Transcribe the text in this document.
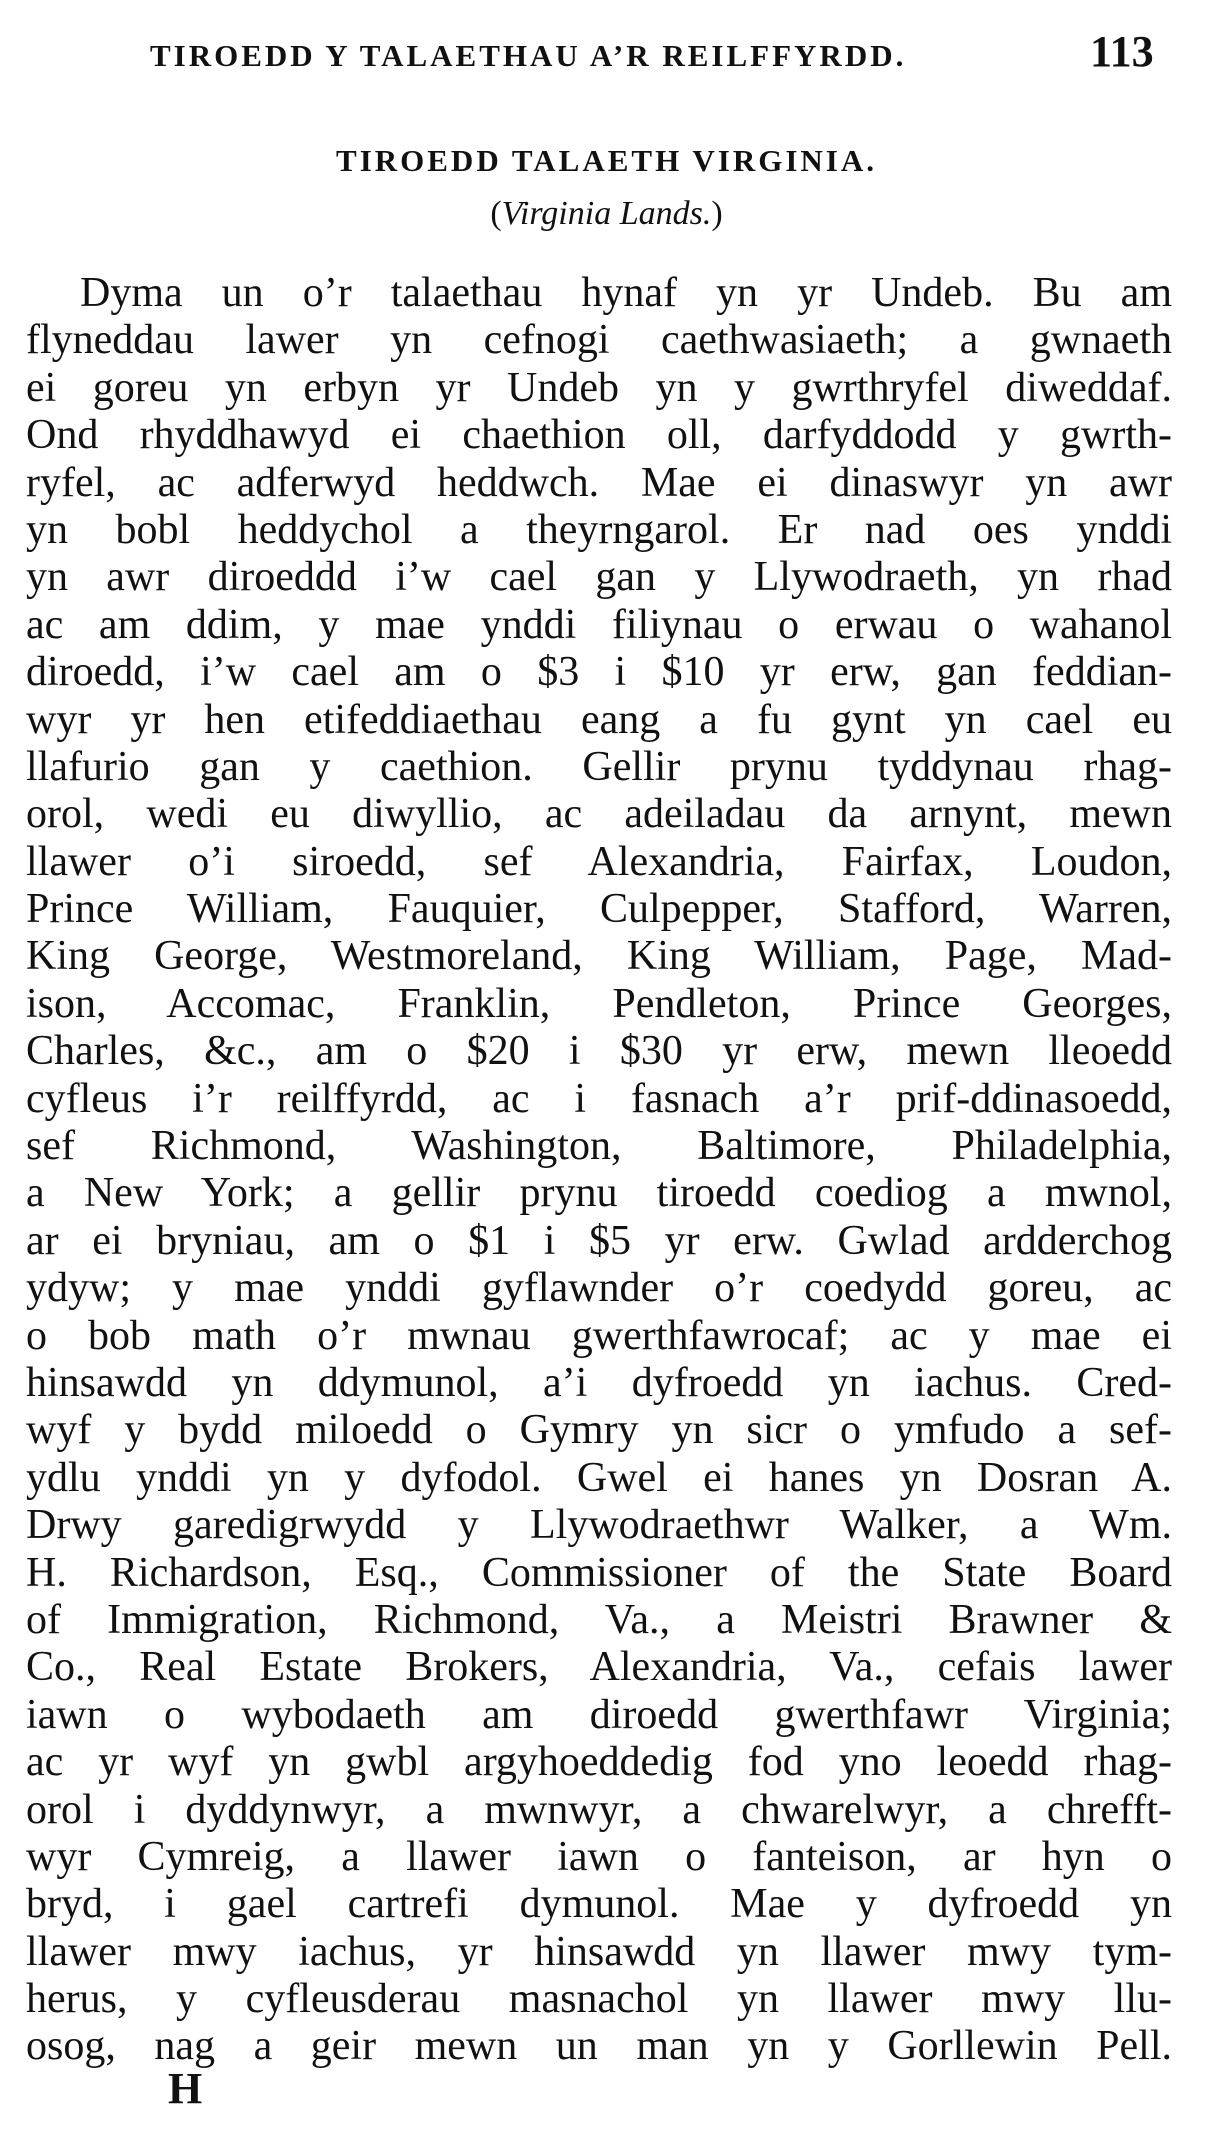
TIROEDD Y TALAETHAU A’R REILFFYRDD.	113
TIROEDD TALAETH VIRGINIA.
(Virginia Lands.)
Dyma un o’r talaethau hynaf yn yr Undeb. Bu am
flyneddau lawer yn cefnogi caethwasiaeth; a gwnaeth
ei goreu yn erbyn yr Undeb yn y gwrthryfel diweddaf.
Ond rhyddhawyd ei chaethion oll, darfyddodd y gwrth-
ryfel, ac adferwyd heddwch. Mae ei dinaswyr yn awr
yn bobl heddychol a theyrngarol. Er nad oes ynddi
yn awr diroeddd i’w cael gan y Llywodraeth, yn rhad
ac am ddim, y mae ynddi filiynau o erwau o wahanol
diroedd, i’w cael am o $3 i $10 yr erw, gan feddian-
wyr yr hen etifeddiaethau eang a fu gynt yn cael eu
llafurio gan y caethion. Gellir prynu tyddynau rhag-
orol, wedi eu diwyllio, ac adeiladau da arnynt, mewn
llawer o’i siroedd, sef Alexandria, Fairfax, Loudon,
Prince William, Fauquier, Culpepper, Stafford, Warren,
King George, Westmoreland, King William, Page, Mad-
ison, Accomac, Franklin, Pendleton, Prince Georges,
Charles, &c., am o $20 i $30 yr erw, mewn lleoedd
cyfleus i’r reilffyrdd, ac i fasnach a’r prif-ddinasoedd,
sef Richmond, Washington, Baltimore, Philadelphia,
a New York; a gellir prynu tiroedd coediog a mwnol,
ar ei bryniau, am o $1 i $5 yr erw. Gwlad ardderchog
ydyw; y mae ynddi gyflawnder o’r coedydd goreu, ac
o bob math o’r mwnau gwerthfawrocaf; ac y mae ei
hinsawdd yn ddymunol, a’i dyfroedd yn iachus. Cred-
wyf y bydd miloedd o Gymry yn sicr o ymfudo a sef-
ydlu ynddi yn y dyfodol. Gwel ei hanes yn Dosran A.
Drwy garedigrwydd y Llywodraethwr Walker, a Wm.
H. Richardson, Esq., Commissioner of the State Board
of Immigration, Richmond, Va., a Meistri Brawner &
Co., Real Estate Brokers, Alexandria, Va., cefais lawer
iawn o wybodaeth am diroedd gwerthfawr Virginia;
ac yr wyf yn gwbl argyhoeddedig fod yno leoedd rhag-
orol i dyddynwyr, a mwnwyr, a chwarelwyr, a chrefft-
wyr Cymreig, a llawer iawn o fanteison, ar hyn o
bryd, i gael cartrefi dymunol. Mae y dyfroedd yn
llawer mwy iachus, yr hinsawdd yn llawer mwy tym-
herus, y cyfleusderau masnachol yn llawer mwy llu-
osog, nag a geir mewn un man yn y Gorllewin Pell.
H
